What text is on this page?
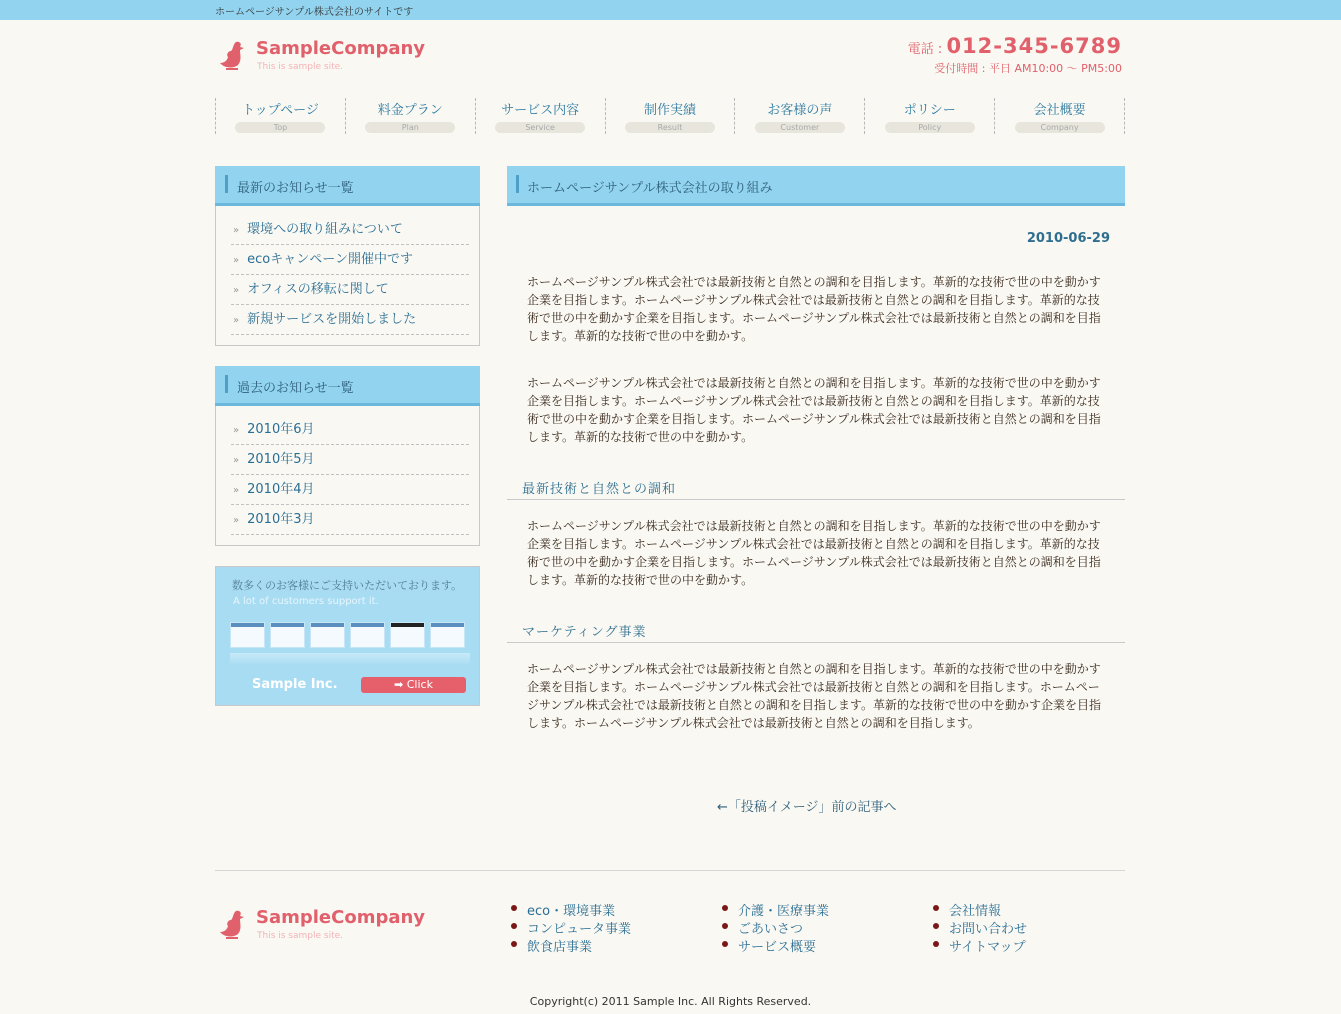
ホームページサンプル株式会社のサイトです
SampleCompany
This is sample site.
電話 : 012-345-6789
受付時間 : 平日 AM10:00 ～ PM5:00
トップページ
Top
料金プラン
Plan
サービス内容
Service
制作実績
Result
お客様の声
Customer
ポリシー
Policy
会社概要
Company
最新のお知らせ一覧
» 環境への取り組みについて
» ecoキャンペーン開催中です
» オフィスの移転に関して
» 新規サービスを開始しました
過去のお知らせ一覧
» 2010年6月
» 2010年5月
» 2010年4月
» 2010年3月
数多くのお客様にご支持いただいております。
A lot of customers support it.
Sample Inc.	➡ Click
ホームページサンプル株式会社の取り組み
2010-06-29
ホームページサンプル株式会社では最新技術と自然との調和を目指します。革新的な技術で世の中を動かす企業を目指します。ホームページサンプル株式会社では最新技術と自然との調和を目指します。革新的な技術で世の中を動かす企業を目指します。ホームページサンプル株式会社では最新技術と自然との調和を目指します。革新的な技術で世の中を動かす。
ホームページサンプル株式会社では最新技術と自然との調和を目指します。革新的な技術で世の中を動かす企業を目指します。ホームページサンプル株式会社では最新技術と自然との調和を目指します。革新的な技術で世の中を動かす企業を目指します。ホームページサンプル株式会社では最新技術と自然との調和を目指します。革新的な技術で世の中を動かす。
最新技術と自然との調和
ホームページサンプル株式会社では最新技術と自然との調和を目指します。革新的な技術で世の中を動かす企業を目指します。ホームページサンプル株式会社では最新技術と自然との調和を目指します。革新的な技術で世の中を動かす企業を目指します。ホームページサンプル株式会社では最新技術と自然との調和を目指します。革新的な技術で世の中を動かす。
マーケティング事業
ホームページサンプル株式会社では最新技術と自然との調和を目指します。革新的な技術で世の中を動かす企業を目指します。ホームページサンプル株式会社では最新技術と自然との調和を目指します。ホームページサンプル株式会社では最新技術と自然との調和を目指します。革新的な技術で世の中を動かす企業を目指します。ホームページサンプル株式会社では最新技術と自然との調和を目指します。
←「投稿イメージ」前の記事へ
SampleCompany
This is sample site.
eco・環境事業
コンピュータ事業
飲食店事業
介護・医療事業
ごあいさつ
サービス概要
会社情報
お問い合わせ
サイトマップ
Copyright(c) 2011 Sample Inc. All Rights Reserved.
